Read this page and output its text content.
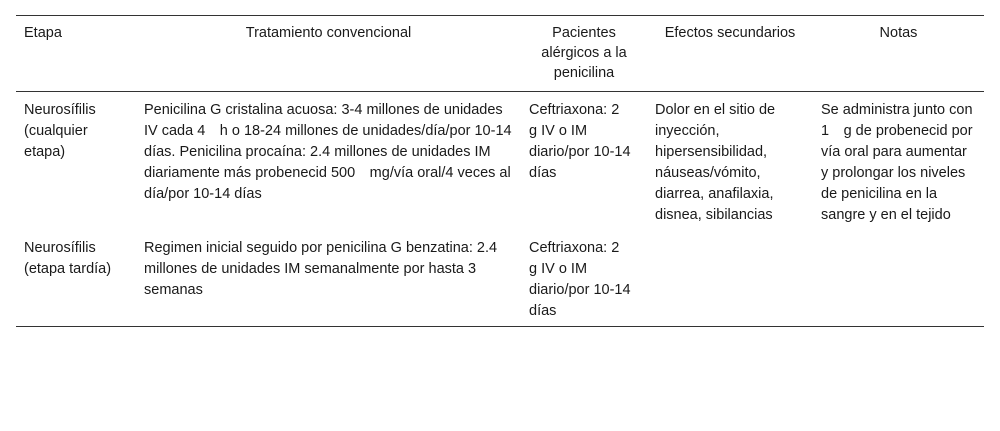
Etapa	Tratamiento convencional	Pacientes alérgicos a la penicilina	Efectos secundarios	Notas
Neurosífilis (cualquier etapa)	Penicilina G cristalina acuosa: 3-4 millones de unidades IV cada 4 h o 18-24 millones de unidades/día/por 10-14 días. Penicilina procaína: 2.4 millones de unidades IM diariamente más probenecid 500 mg/vía oral/4 veces al día/por 10-14 días	Ceftriaxona: 2 g IV o IM diario/por 10-14 días	Dolor en el sitio de inyección, hipersensibilidad, náuseas/vómito, diarrea, anafilaxia, disnea, sibilancias	Se administra junto con 1 g de probenecid por vía oral para aumentar y prolongar los niveles de penicilina en la sangre y en el tejido
Neurosífilis (etapa tardía)	Regimen inicial seguido por penicilina G benzatina: 2.4 millones de unidades IM semanalmente por hasta 3 semanas	Ceftriaxona: 2 g IV o IM diario/por 10-14 días		
